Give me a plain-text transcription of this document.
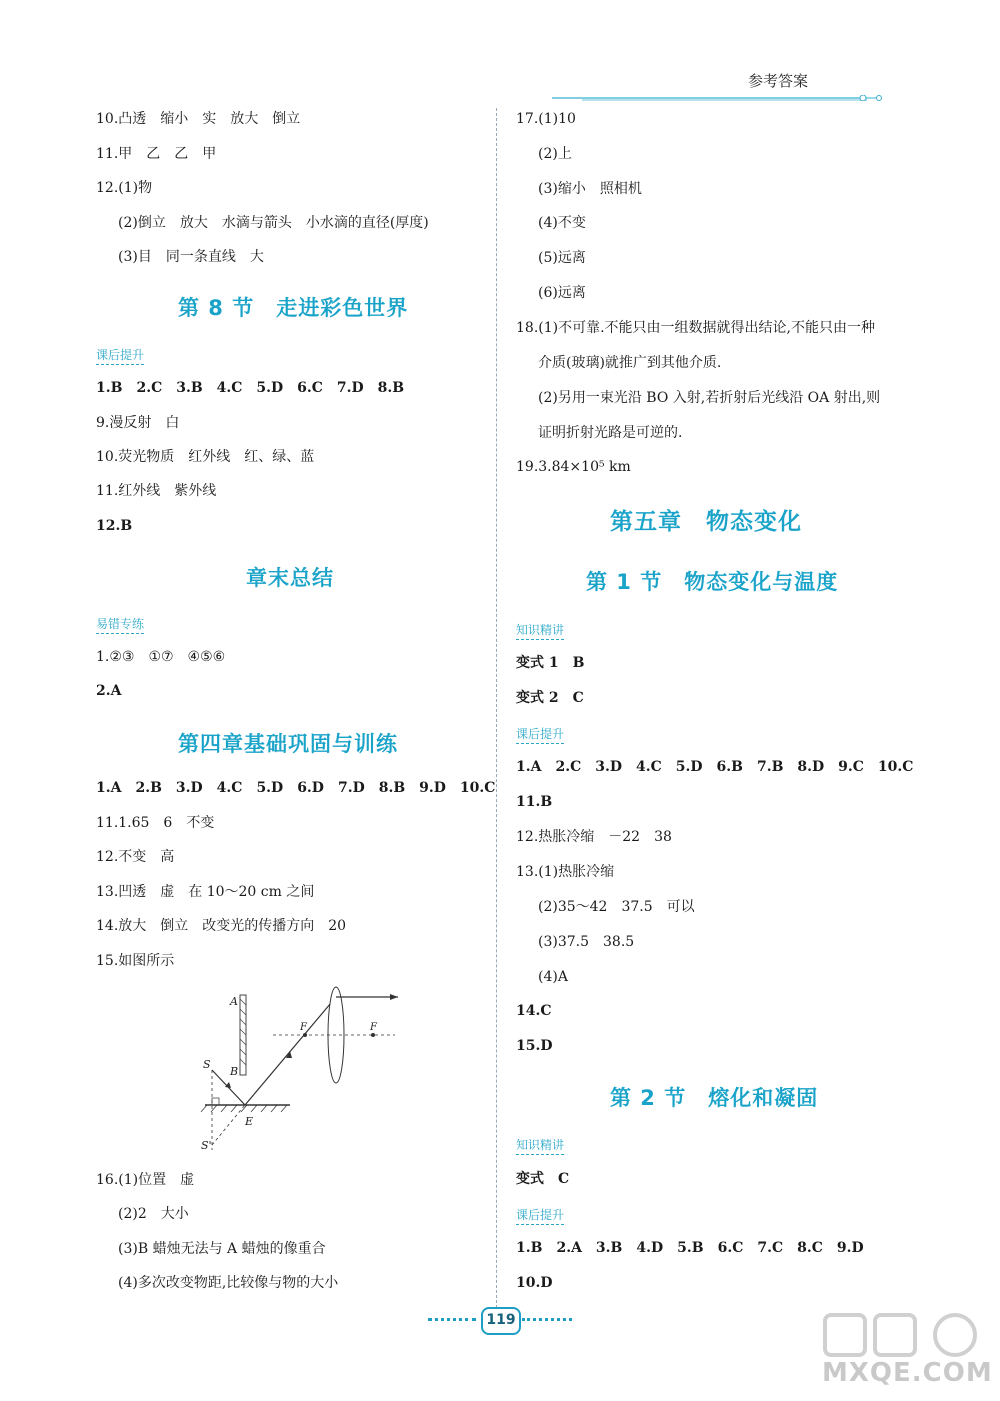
参考答案
10.凸透　缩小　实　放大　倒立
11.甲　乙　乙　甲
12.(1)物
(2)倒立　放大　水滴与箭头　小水滴的直径(厚度)
(3)目　同一条直线　大
第 8 节　走进彩色世界
课后提升
1.B　2.C　3.B　4.C　5.D　6.C　7.D　8.B
9.漫反射　白
10.荧光物质　红外线　红、绿、蓝
11.红外线　紫外线
12.B
章末总结
易错专练
1.②③　①⑦　④⑤⑥
2.A
第四章基础巩固与训练
1.A　2.B　3.D　4.C　5.D　6.D　7.D　8.B　9.D　10.C
11.1.65　6　不变
12.不变　高
13.凹透　虚　在 10～20 cm 之间
14.放大　倒立　改变光的传播方向　20
15.如图所示
A
B
S
S'
E
F	F
16.(1)位置　虚
(2)2　大小
(3)B 蜡烛无法与 A 蜡烛的像重合
(4)多次改变物距,比较像与物的大小
17.(1)10
(2)上
(3)缩小　照相机
(4)不变
(5)远离
(6)远离
18.(1)不可靠.不能只由一组数据就得出结论,不能只由一种
介质(玻璃)就推广到其他介质.
(2)另用一束光沿 BO 入射,若折射后光线沿 OA 射出,则
证明折射光路是可逆的.
19.3.84×10⁵ km
第五章　物态变化
第 1 节　物态变化与温度
知识精讲
变式 1　B
变式 2　C
课后提升
1.A　2.C　3.D　4.C　5.D　6.B　7.B　8.D　9.C　10.C
11.B
12.热胀冷缩　－22　38
13.(1)热胀冷缩
(2)35～42　37.5　可以
(3)37.5　38.5
(4)A
14.C
15.D
第 2 节　熔化和凝固
知识精讲
变式　C
课后提升
1.B　2.A　3.B　4.D　5.B　6.C　7.C　8.C　9.D
10.D
119
MXQE.COM
